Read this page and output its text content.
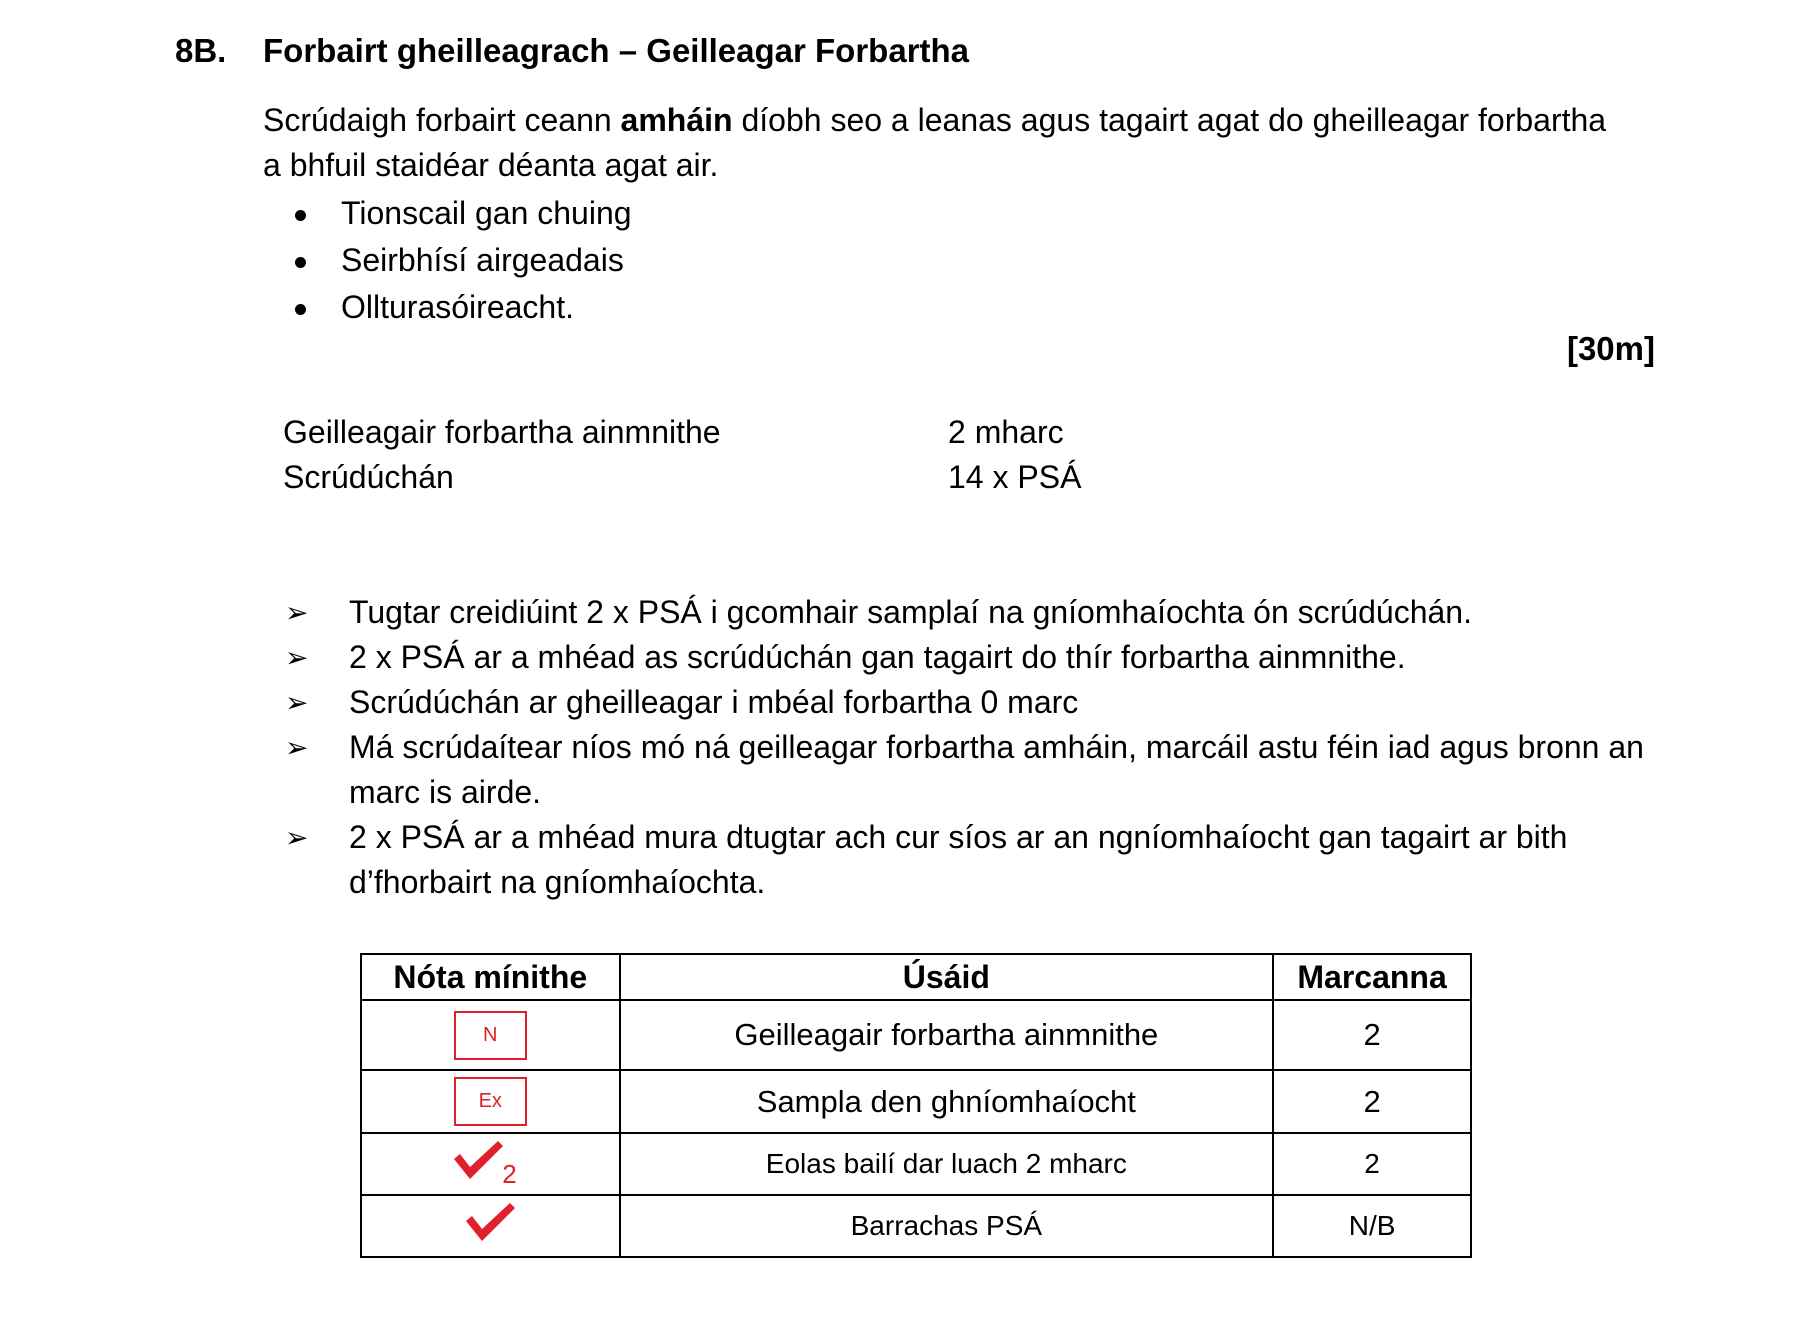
8B. Forbairt gheilleagrach – Geilleagar Forbartha
Scrúdaigh forbairt ceann amháin díobh seo a leanas agus tagairt agat do gheilleagar forbartha a bhfuil staidéar déanta agat air.
Tionscail gan chuing
Seirbhísí airgeadais
Ollturasóireacht.
[30m]
Geilleagair forbartha ainmnithe	2 mharc
Scrúdúchán	14 x PSÁ
➢ Tugtar creidiúint 2 x PSÁ i gcomhair samplaí na gníomhaíochta ón scrúdúchán.
➢ 2 x PSÁ ar a mhéad as scrúdúchán gan tagairt do thír forbartha ainmnithe.
➢ Scrúdúchán ar gheilleagar i mbéal forbartha 0 marc
➢ Má scrúdaítear níos mó ná geilleagar forbartha amháin, marcáil astu féin iad agus bronn an marc is airde.
➢ 2 x PSÁ ar a mhéad mura dtugtar ach cur síos ar an ngníomhaíocht gan tagairt ar bith d’fhorbairt na gníomhaíochta.
Nóta mínithe	Úsáid	Marcanna
N	Geilleagair forbartha ainmnithe	2
Ex	Sampla den ghníomhaíocht	2

2	Eolas bailí dar luach 2 mharc	2
	Barrachas PSÁ	N/B
